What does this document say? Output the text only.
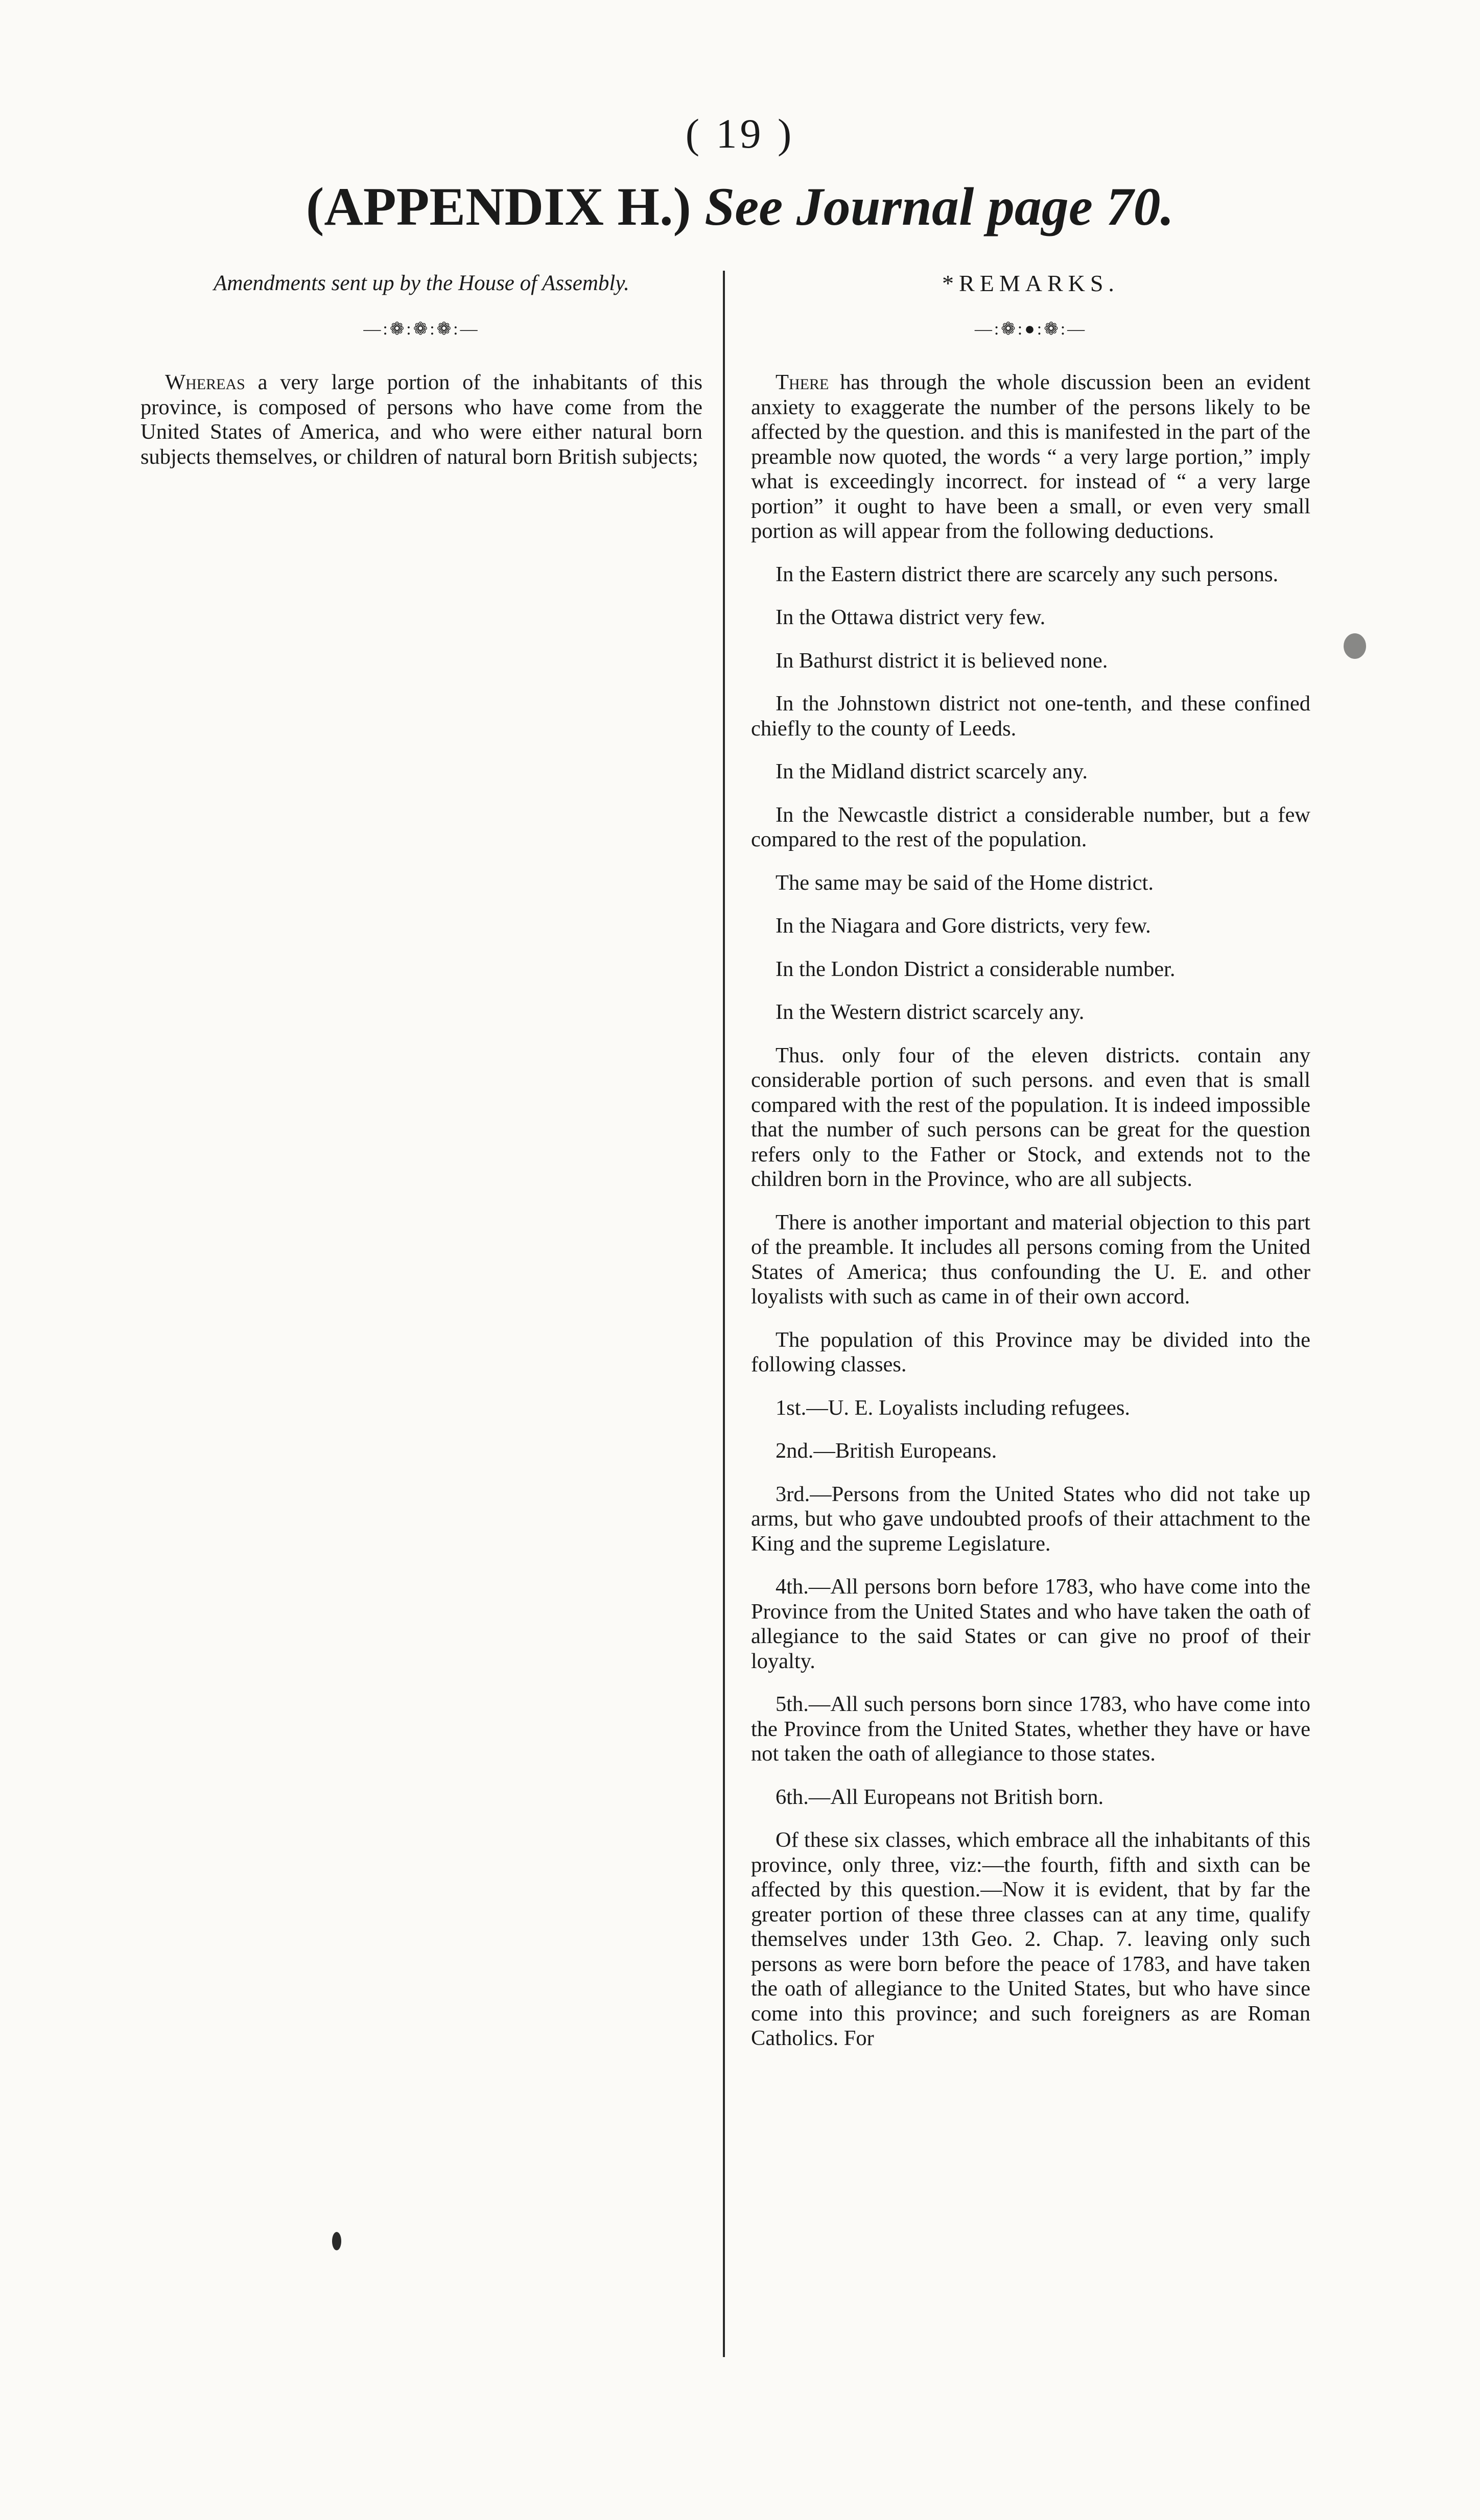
( 19 )
(APPENDIX H.) See Journal page 70.

Amendments sent up by the House of Assembly.

—:❁:❁:❁:—

Whereas a very large portion of the inhabitants of this province, is composed of persons who have come from the United States of America, and who were either natural born subjects themselves, or children of natural born British subjects;

*REMARKS.

—:❁:●:❁:—

There has through the whole discussion been an evident anxiety to exaggerate the number of the persons likely to be affected by the question. and this is manifested in the part of the preamble now quoted, the words “ a very large portion,” imply what is exceedingly incorrect. for instead of “ a very large portion” it ought to have been a small, or even very small portion as will appear from the following deductions.

In the Eastern district there are scarcely any such persons.

In the Ottawa district very few.

In Bathurst district it is believed none.

In the Johnstown district not one-tenth, and these confined chiefly to the county of Leeds.

In the Midland district scarcely any.

In the Newcastle district a considerable number, but a few compared to the rest of the population.

The same may be said of the Home district.

In the Niagara and Gore districts, very few.

In the London District a considerable number.

In the Western district scarcely any.

Thus. only four of the eleven districts. contain any considerable portion of such persons. and even that is small compared with the rest of the population. It is indeed impossible that the number of such persons can be great for the question refers only to the Father or Stock, and extends not to the children born in the Province, who are all subjects.

There is another important and material objection to this part of the preamble. It includes all persons coming from the United States of America; thus confounding the U. E. and other loyalists with such as came in of their own accord.

The population of this Province may be divided into the following classes.

1st.—U. E. Loyalists including refugees.

2nd.—British Europeans.

3rd.—Persons from the United States who did not take up arms, but who gave undoubted proofs of their attachment to the King and the supreme Legislature.

4th.—All persons born before 1783, who have come into the Province from the United States and who have taken the oath of allegiance to the said States or can give no proof of their loyalty.

5th.—All such persons born since 1783, who have come into the Province from the United States, whether they have or have not taken the oath of allegiance to those states.

6th.—All Europeans not British born.

Of these six classes, which embrace all the inhabitants of this province, only three, viz:—the fourth, fifth and sixth can be affected by this question.—Now it is evident, that by far the greater portion of these three classes can at any time, qualify themselves under 13th Geo. 2. Chap. 7. leaving only such persons as were born before the peace of 1783, and have taken the oath of allegiance to the United States, but who have since come into this province; and such foreigners as are Roman Catholics. For
